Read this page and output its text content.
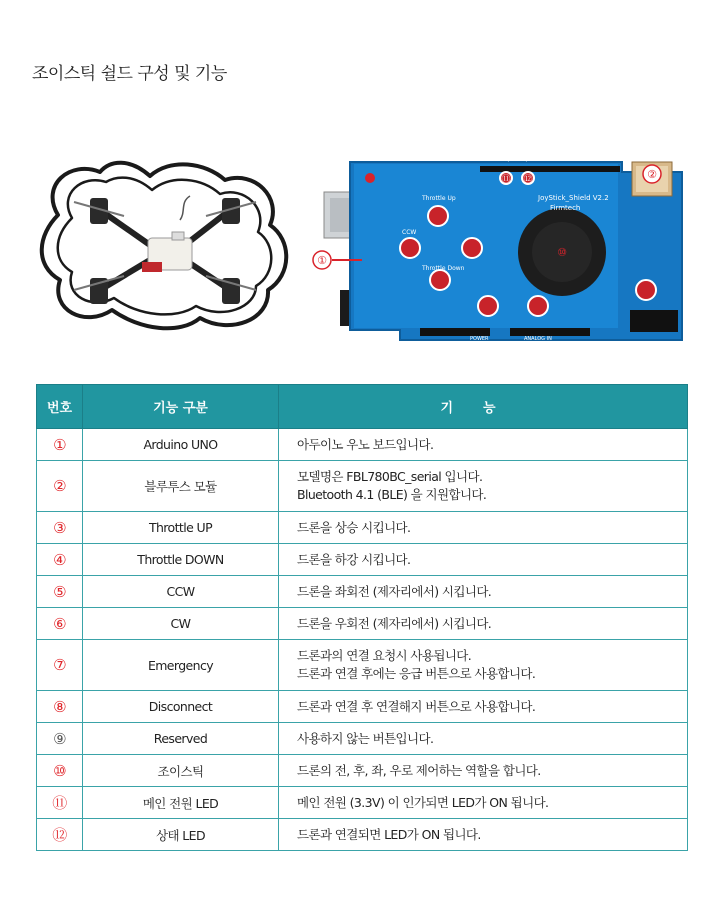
조이스틱 쉴드 구성 및 기능
JoyStick_Shield V2.2
Firmtech
Throttle Up
Throttle Down
CCW
POWER	ANALOG IN
DIGITAL (PWM~)
①
②
⑩
⑪ ⑫
번호	기능 구분	기능
①	Arduino UNO	아두이노 우노 보드입니다.

②	블루투스 모듈	모델명은 FBL780BC_serial 입니다.
Bluetooth 4.1 (BLE) 을 지원합니다.

③	Throttle UP	드론을 상승 시킵니다.

④	Throttle DOWN	드론을 하강 시킵니다.

⑤	CCW	드론을 좌회전 (제자리에서) 시킵니다.

⑥	CW	드론을 우회전 (제자리에서) 시킵니다.

⑦	Emergency	드론과의 연결 요청시 사용됩니다.
드론과 연결 후에는 응급 버튼으로 사용합니다.

⑧	Disconnect	드론과 연결 후 연결해지 버튼으로 사용합니다.

⑨	Reserved	사용하지 않는 버튼입니다.

⑩	조이스틱	드론의 전, 후, 좌, 우로 제어하는 역할을 합니다.

⑪	메인 전원 LED	메인 전원 (3.3V) 이 인가되면 LED가 ON 됩니다.

⑫	상태 LED	드론과 연결되면 LED가 ON 됩니다.
